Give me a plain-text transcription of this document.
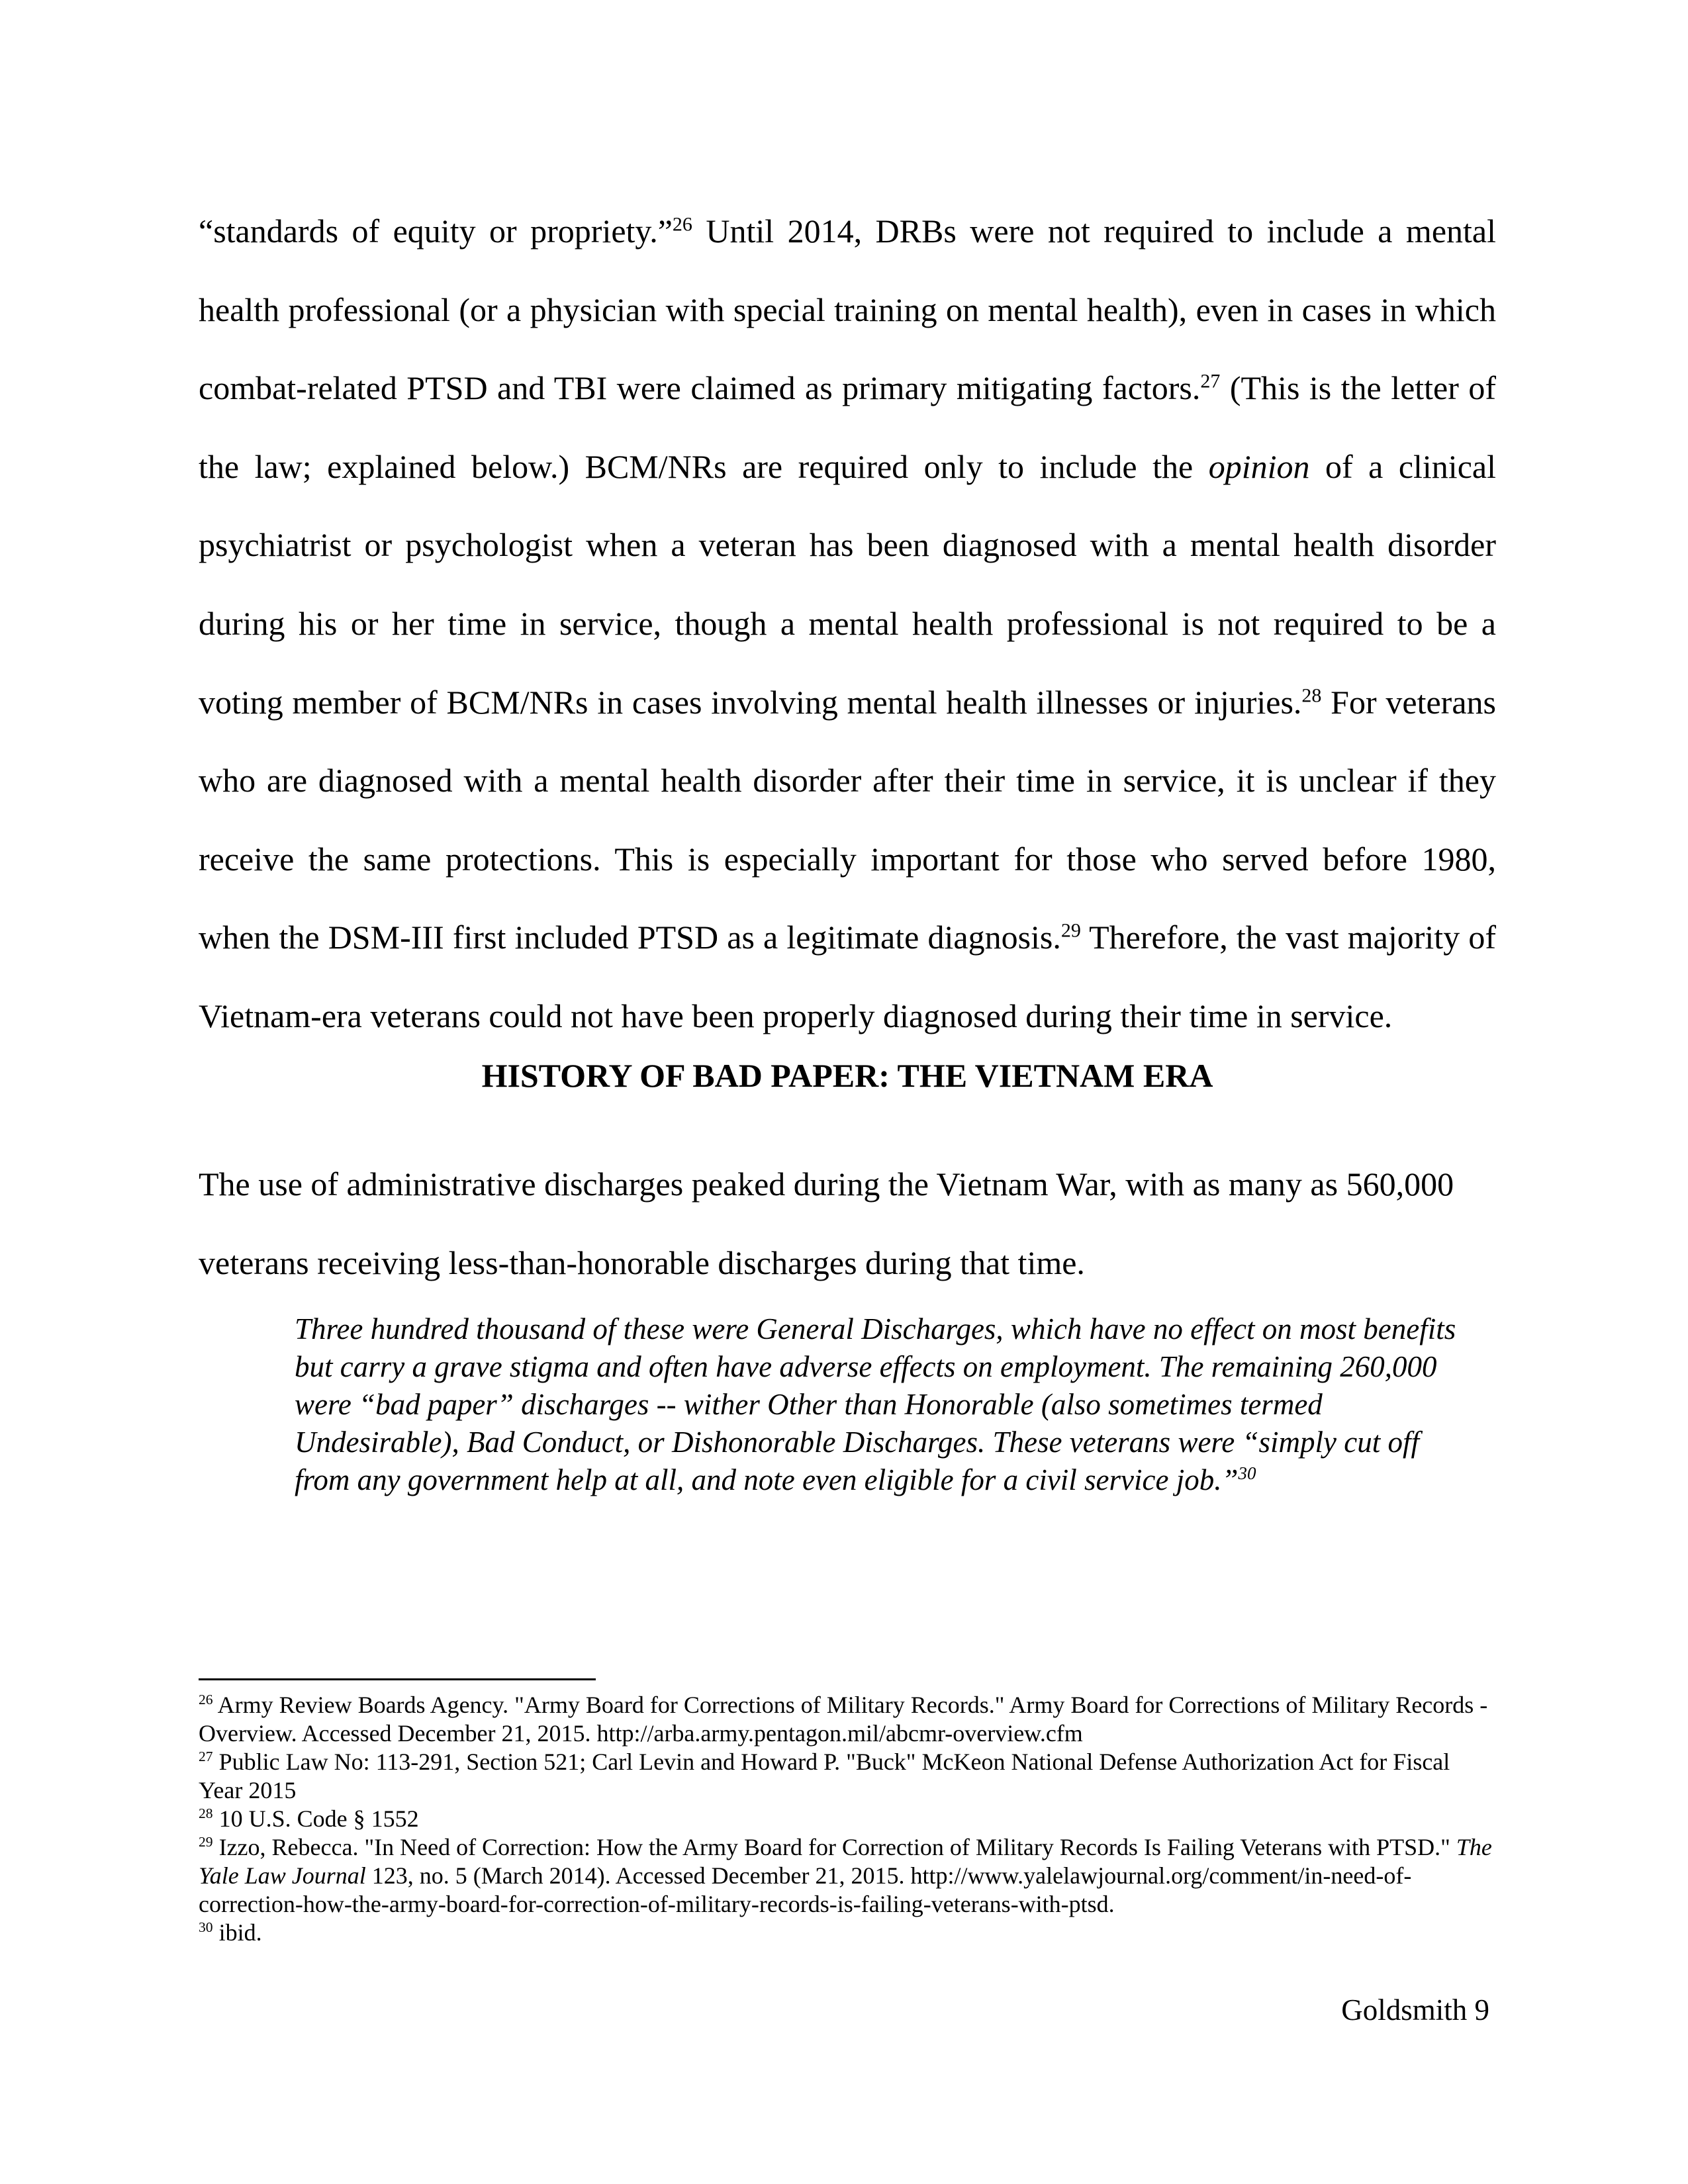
“standards of equity or propriety.”$^{26}$ Until 2014, DRBs were not required to include a mental health professional (or a physician with special training on mental health), even in cases in which combat-related PTSD and TBI were claimed as primary mitigating factors.$^{27}$ (This is the letter of the law; explained below.) BCM/NRs are required only to include the opinion of a clinical psychiatrist or psychologist when a veteran has been diagnosed with a mental health disorder during his or her time in service, though a mental health professional is not required to be a voting member of BCM/NRs in cases involving mental health illnesses or injuries.$^{28}$ For veterans who are diagnosed with a mental health disorder after their time in service, it is unclear if they receive the same protections. This is especially important for those who served before 1980, when the DSM-III first included PTSD as a legitimate diagnosis.$^{29}$ Therefore, the vast majority of Vietnam-era veterans could not have been properly diagnosed during their time in service.

HISTORY OF BAD PAPER: THE VIETNAM ERA

The use of administrative discharges peaked during the Vietnam War, with as many as 560,000 veterans receiving less-than-honorable discharges during that time.

Three hundred thousand of these were General Discharges, which have no effect on most benefits but carry a grave stigma and often have adverse effects on employment. The remaining 260,000 were “bad paper” discharges -- wither Other than Honorable (also sometimes termed Undesirable), Bad Conduct, or Dishonorable Discharges. These veterans were “simply cut off from any government help at all, and note even eligible for a civil service job.”$^{30}$

$^{26}$ Army Review Boards Agency. "Army Board for Corrections of Military Records." Army Board for Corrections of Military Records - Overview. Accessed December 21, 2015. http://arba.army.pentagon.mil/abcmr-overview.cfm

$^{27}$ Public Law No: 113-291, Section 521; Carl Levin and Howard P. "Buck" McKeon National Defense Authorization Act for Fiscal Year 2015

$^{28}$ 10 U.S. Code § 1552

$^{29}$ Izzo, Rebecca. "In Need of Correction: How the Army Board for Correction of Military Records Is Failing Veterans with PTSD." The Yale Law Journal 123, no. 5 (March 2014). Accessed December 21, 2015. http://www.yalelawjournal.org/comment/in-need-of-correction-how-the-army-board-for-correction-of-military-records-is-failing-veterans-with-ptsd.

$^{30}$ ibid.

Goldsmith 9
